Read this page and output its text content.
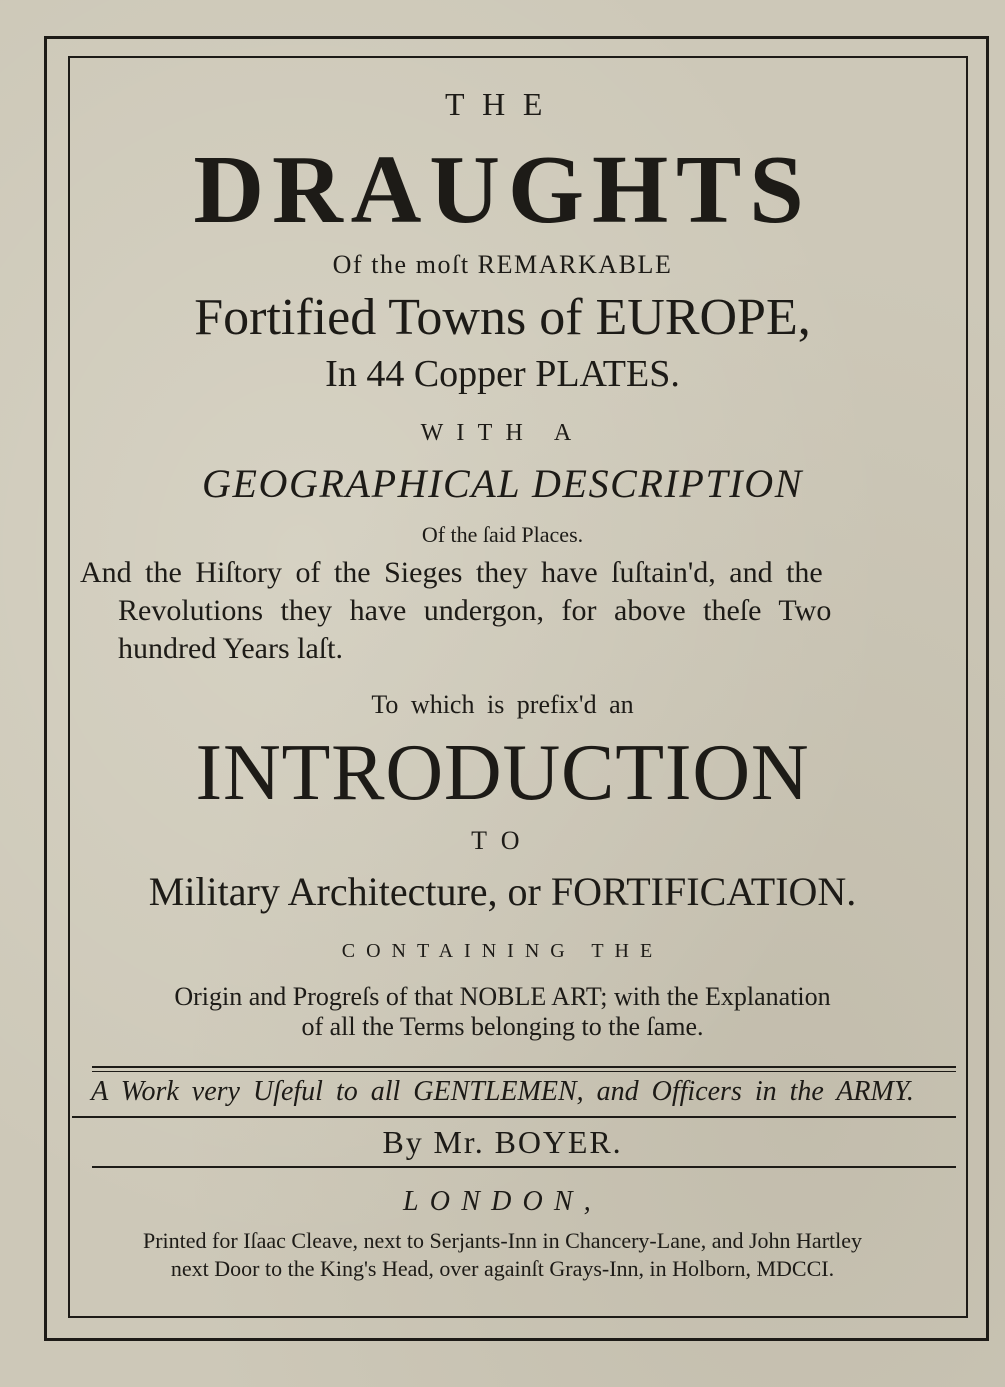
THE
DRAUGHTS
Of the moſt REMARKABLE
Fortified Towns of EUROPE,
In 44 Copper PLATES.
WITH A
GEOGRAPHICAL DESCRIPTION
Of the ſaid Places.
And the Hiſtory of the Sieges they have ſuſtain'd, and the
Revolutions they have undergon, for above theſe Two
hundred Years laſt.
To which is prefix'd an
INTRODUCTION
TO
Military Architecture, or FORTIFICATION.
CONTAINING THE
Origin and Progreſs of that NOBLE ART; with the Explanation
of all the Terms belonging to the ſame.
A Work very Uſeful to all GENTLEMEN, and Officers in the ARMY.
By Mr. BOYER.
LONDON,
Printed for Iſaac Cleave, next to Serjants-Inn in Chancery-Lane, and John Hartley
next Door to the King's Head, over againſt Grays-Inn, in Holborn, MDCCI.
